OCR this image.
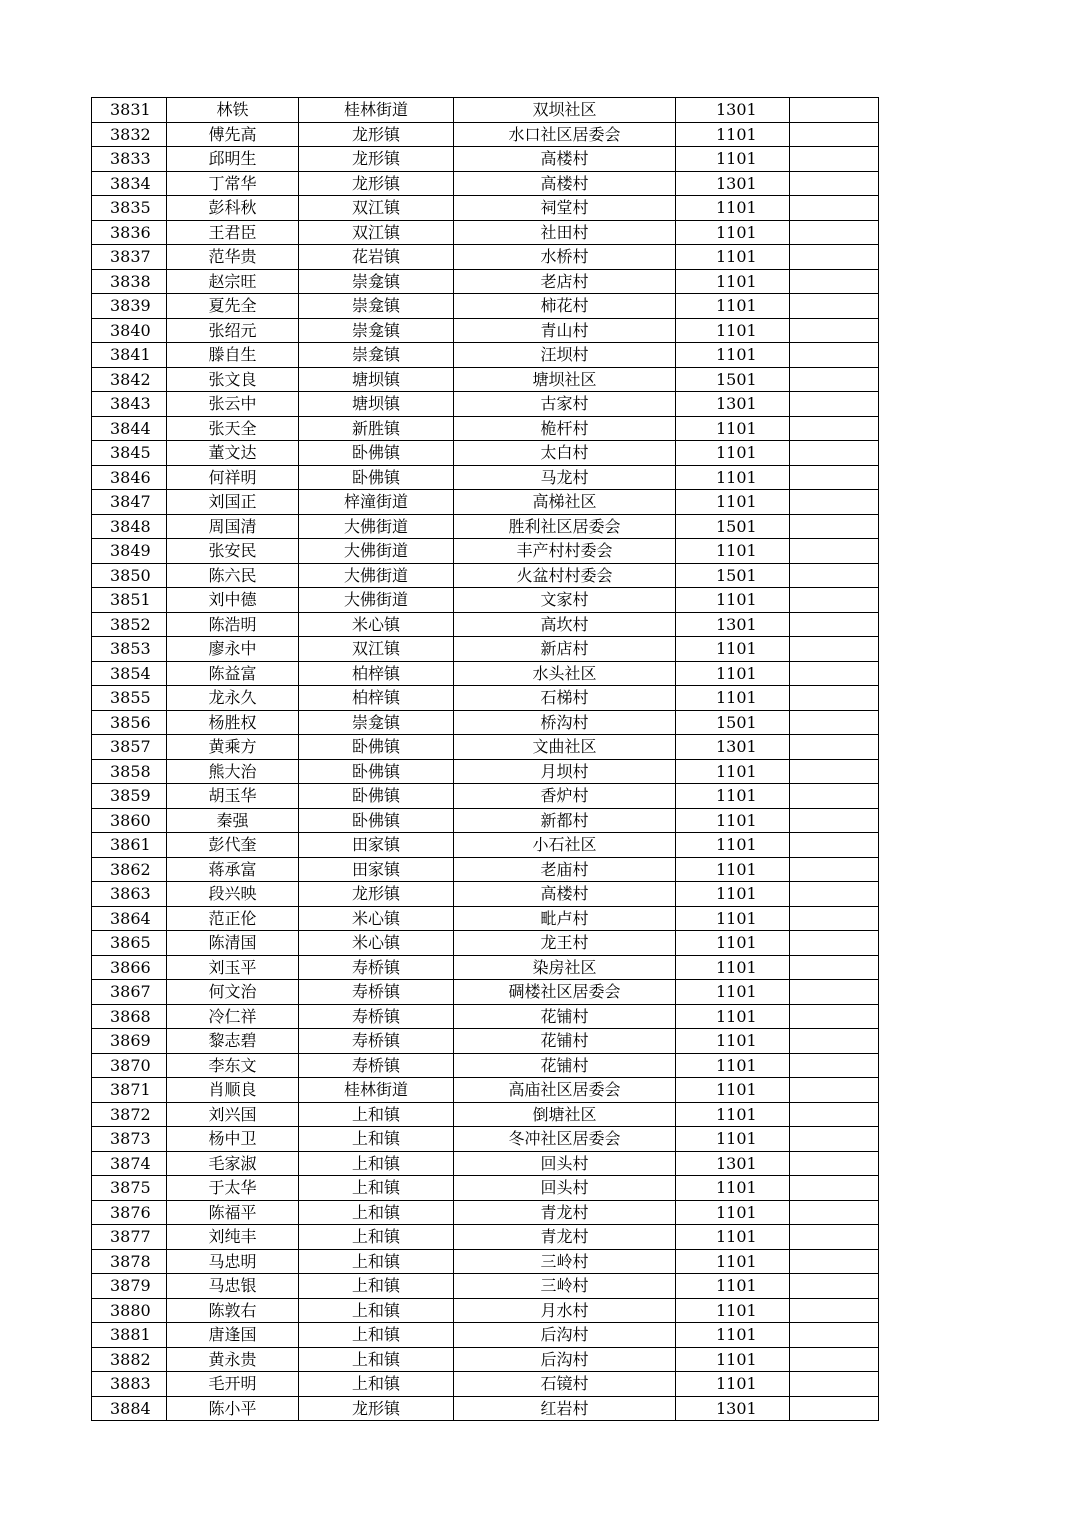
3831	林铁	桂林街道	双坝社区	1301	
3832	傅先高	龙形镇	水口社区居委会	1101	
3833	邱明生	龙形镇	高楼村	1101	
3834	丁常华	龙形镇	高楼村	1301	
3835	彭科秋	双江镇	祠堂村	1101	
3836	王君臣	双江镇	社田村	1101	
3837	范华贵	花岩镇	水桥村	1101	
3838	赵宗旺	崇龛镇	老店村	1101	
3839	夏先全	崇龛镇	柿花村	1101	
3840	张绍元	崇龛镇	青山村	1101	
3841	滕自生	崇龛镇	汪坝村	1101	
3842	张文良	塘坝镇	塘坝社区	1501	
3843	张云中	塘坝镇	古家村	1301	
3844	张天全	新胜镇	桅杆村	1101	
3845	董文达	卧佛镇	太白村	1101	
3846	何祥明	卧佛镇	马龙村	1101	
3847	刘国正	梓潼街道	高梯社区	1101	
3848	周国清	大佛街道	胜利社区居委会	1501	
3849	张安民	大佛街道	丰产村村委会	1101	
3850	陈六民	大佛街道	火盆村村委会	1501	
3851	刘中德	大佛街道	文家村	1101	
3852	陈浩明	米心镇	高坎村	1301	
3853	廖永中	双江镇	新店村	1101	
3854	陈益富	柏梓镇	水头社区	1101	
3855	龙永久	柏梓镇	石梯村	1101	
3856	杨胜权	崇龛镇	桥沟村	1501	
3857	黄乘方	卧佛镇	文曲社区	1301	
3858	熊大治	卧佛镇	月坝村	1101	
3859	胡玉华	卧佛镇	香炉村	1101	
3860	秦强	卧佛镇	新都村	1101	
3861	彭代奎	田家镇	小石社区	1101	
3862	蒋承富	田家镇	老庙村	1101	
3863	段兴映	龙形镇	高楼村	1101	
3864	范正伦	米心镇	毗卢村	1101	
3865	陈清国	米心镇	龙王村	1101	
3866	刘玉平	寿桥镇	染房社区	1101	
3867	何文治	寿桥镇	碉楼社区居委会	1101	
3868	冷仁祥	寿桥镇	花铺村	1101	
3869	黎志碧	寿桥镇	花铺村	1101	
3870	李东文	寿桥镇	花铺村	1101	
3871	肖顺良	桂林街道	高庙社区居委会	1101	
3872	刘兴国	上和镇	倒塘社区	1101	
3873	杨中卫	上和镇	冬冲社区居委会	1101	
3874	毛家淑	上和镇	回头村	1301	
3875	于太华	上和镇	回头村	1101	
3876	陈福平	上和镇	青龙村	1101	
3877	刘纯丰	上和镇	青龙村	1101	
3878	马忠明	上和镇	三岭村	1101	
3879	马忠银	上和镇	三岭村	1101	
3880	陈敦右	上和镇	月水村	1101	
3881	唐逢国	上和镇	后沟村	1101	
3882	黄永贵	上和镇	后沟村	1101	
3883	毛开明	上和镇	石镜村	1101	
3884	陈小平	龙形镇	红岩村	1301	
